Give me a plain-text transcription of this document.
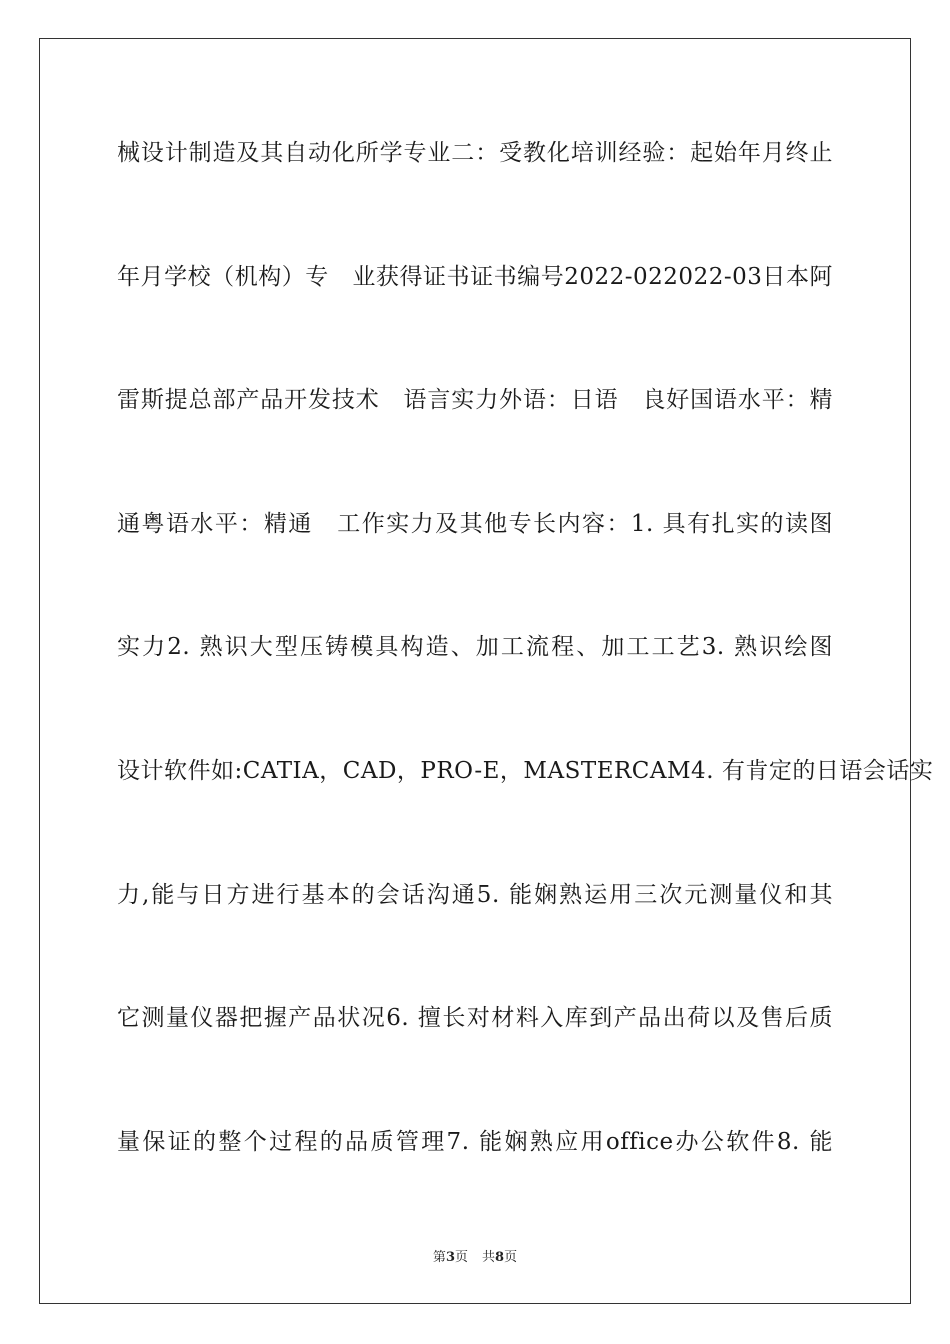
械设计制造及其自动化所学专业二：受教化培训经验：起始年月终止
年月学校（机构）专　业获得证书证书编号2022-022022-03日本阿
雷斯提总部产品开发技术　语言实力外语：日语　良好国语水平：精
通粤语水平：精通　工作实力及其他专长内容：1. 具有扎实的读图
实力2. 熟识大型压铸模具构造、加工流程、加工工艺3. 熟识绘图
设计软件如:CATIA，CAD，PRO-E，MASTERCAM4. 有肯定的日语会话实
力,能与日方进行基本的会话沟通5. 能娴熟运用三次元测量仪和其
它测量仪器把握产品状况6. 擅长对材料入库到产品出荷以及售后质
量保证的整个过程的品质管理7. 能娴熟应用office办公软件8. 能
第3页 共8页
